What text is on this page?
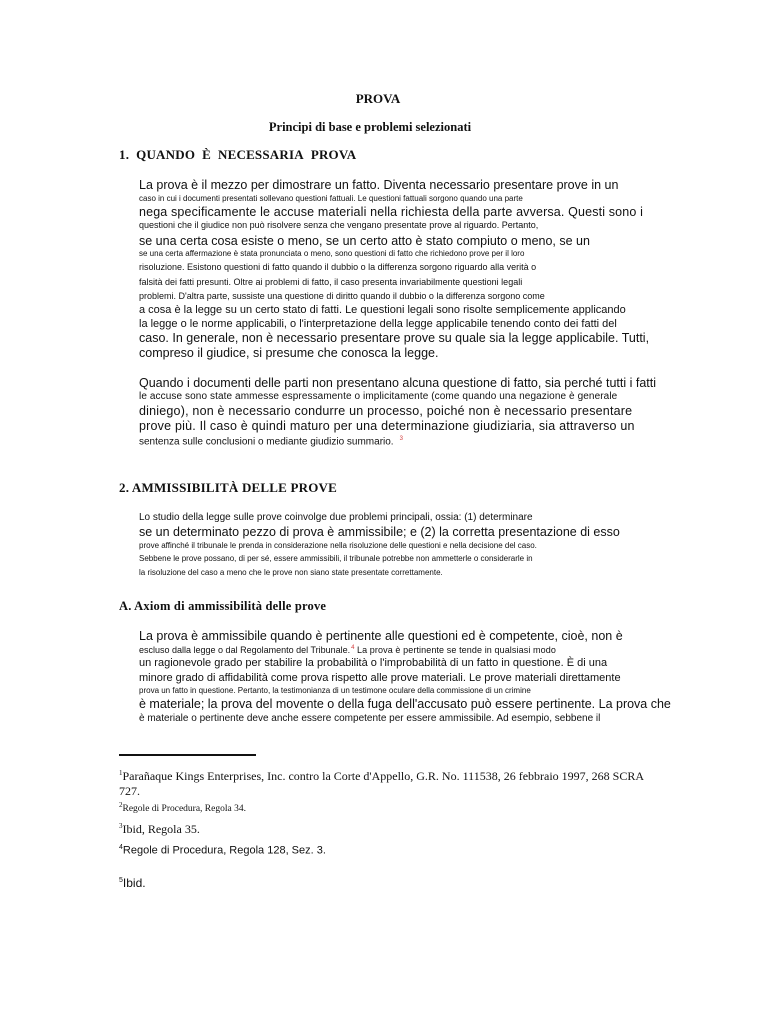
PROVA
Principi di base e problemi selezionati
1. QUANDO È NECESSARIA PROVA
La prova è il mezzo per dimostrare un fatto. Diventa necessario presentare prove in un
caso in cui i documenti presentati sollevano questioni fattuali. Le questioni fattuali sorgono quando una parte
nega specificamente le accuse materiali nella richiesta della parte avversa. Questi sono i
questioni che il giudice non può risolvere senza che vengano presentate prove al riguardo. Pertanto,
se una certa cosa esiste o meno, se un certo atto è stato compiuto o meno, se un
se una certa affermazione è stata pronunciata o meno, sono questioni di fatto che richiedono prove per il loro
risoluzione. Esistono questioni di fatto quando il dubbio o la differenza sorgono riguardo alla verità o
falsità dei fatti presunti. Oltre ai problemi di fatto, il caso presenta invariabilmente questioni legali
problemi. D'altra parte, sussiste una questione di diritto quando il dubbio o la differenza sorgono come
a cosa è la legge su un certo stato di fatti. Le questioni legali sono risolte semplicemente applicando
la legge o le norme applicabili, o l'interpretazione della legge applicabile tenendo conto dei fatti del
caso. In generale, non è necessario presentare prove su quale sia la legge applicabile. Tutti,
compreso il giudice, si presume che conosca la legge.
Quando i documenti delle parti non presentano alcuna questione di fatto, sia perché tutti i fatti
le accuse sono state ammesse espressamente o implicitamente (come quando una negazione è generale
diniego), non è necessario condurre un processo, poiché non è necessario presentare
prove più. Il caso è quindi maturo per una determinazione giudiziaria, sia attraverso un
sentenza sulle conclusioni o mediante giudizio summario. $^3$
2. AMMISSIBILITÀ DELLE PROVE
Lo studio della legge sulle prove coinvolge due problemi principali, ossia: (1) determinare
se un determinato pezzo di prova è ammissibile; e (2) la corretta presentazione di esso
prove affinché il tribunale le prenda in considerazione nella risoluzione delle questioni e nella decisione del caso.
Sebbene le prove possano, di per sé, essere ammissibili, il tribunale potrebbe non ammetterle o considerarle in
la risoluzione del caso a meno che le prove non siano state presentate correttamente.
A. Axiom di ammissibilità delle prove
La prova è ammissibile quando è pertinente alle questioni ed è competente, cioè, non è
escluso dalla legge o dal Regolamento del Tribunale.$^4$ La prova è pertinente se tende in qualsiasi modo
un ragionevole grado per stabilire la probabilità o l'improbabilità di un fatto in questione. È di una
minore grado di affidabilità come prova rispetto alle prove materiali. Le prove materiali direttamente
prova un fatto in questione. Pertanto, la testimonianza di un testimone oculare della commissione di un crimine
è materiale; la prova del movente o della fuga dell'accusato può essere pertinente. La prova che
è materiale o pertinente deve anche essere competente per essere ammissibile. Ad esempio, sebbene il
$^1$Parañaque Kings Enterprises, Inc. contro la Corte d'Appello, G.R. No. 111538, 26 febbraio 1997, 268 SCRA
727.
$^2$Regole di Procedura, Regola 34.
$^3$Ibid, Regola 35.
$^4$Regole di Procedura, Regola 128, Sez. 3.
$^5$Ibid.
